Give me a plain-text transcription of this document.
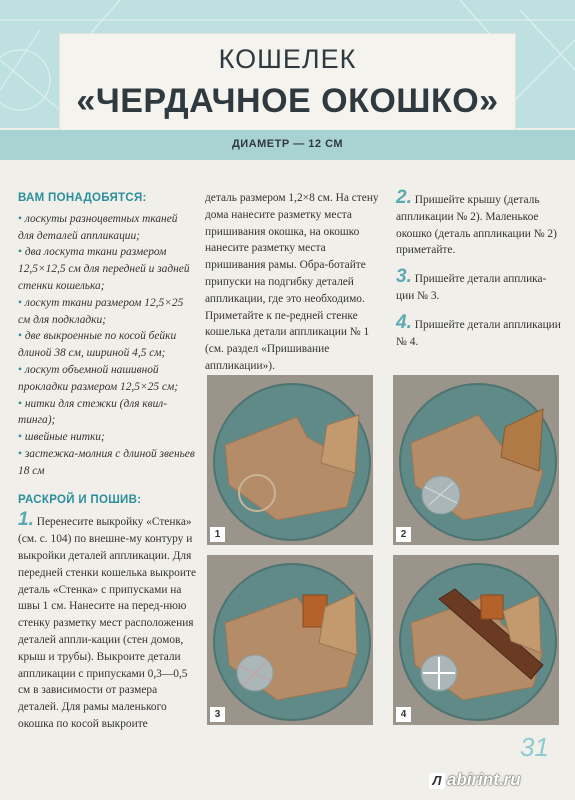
КОШЕЛЕК
«ЧЕРДАЧНОЕ ОКОШКО»
ДИАМЕТР — 12 СМ
ВАМ ПОНАДОБЯТСЯ:
• лоскуты разноцветных тканей для деталей аппликации;
• два лоскута ткани размером 12,5×12,5 см для передней и задней стенки кошелька;
• лоскут ткани размером 12,5×25 см для подкладки;
• две выкроенные по косой бейки длиной 38 см, шириной 4,5 см;
• лоскут объемной нашивной прокладки размером 12,5×25 см;
• нитки для стежки (для квил-тинга);
• швейные нитки;
• застежка-молния с длиной звеньев 18 см
РАСКРОЙ И ПОШИВ:
1. Перенесите выкройку «Стенка» (см. с. 104) по внешне-му контуру и выкройки деталей аппликации. Для передней стенки кошелька выкроите деталь «Стенка» с припусками на швы 1 см. Нанесите на перед-нюю стенку разметку мест расположения деталей аппли-кации (стен домов, крыш и трубы). Выкроите детали аппликации с припусками 0,3—0,5 см в зависимости от размера деталей. Для рамы маленького окошка по косой выкроите
деталь размером 1,2×8 см. На стену дома нанесите разметку места пришивания окошка, на окошко нанесите разметку места пришивания рамы. Обра-ботайте припуски на подгибку деталей аппликации, где это необходимо. Приметайте к пе-редней стенке кошелька детали аппликации № 1 (см. раздел «Пришивание аппликации»).
2. Пришейте крышу (деталь аппликации № 2). Маленькое окошко (деталь аппликации № 2) приметайте.
3. Пришейте детали апплика-ции № 3.
4. Пришейте детали аппликации № 4.
1	2
3	4
31
Л abirint.ru
